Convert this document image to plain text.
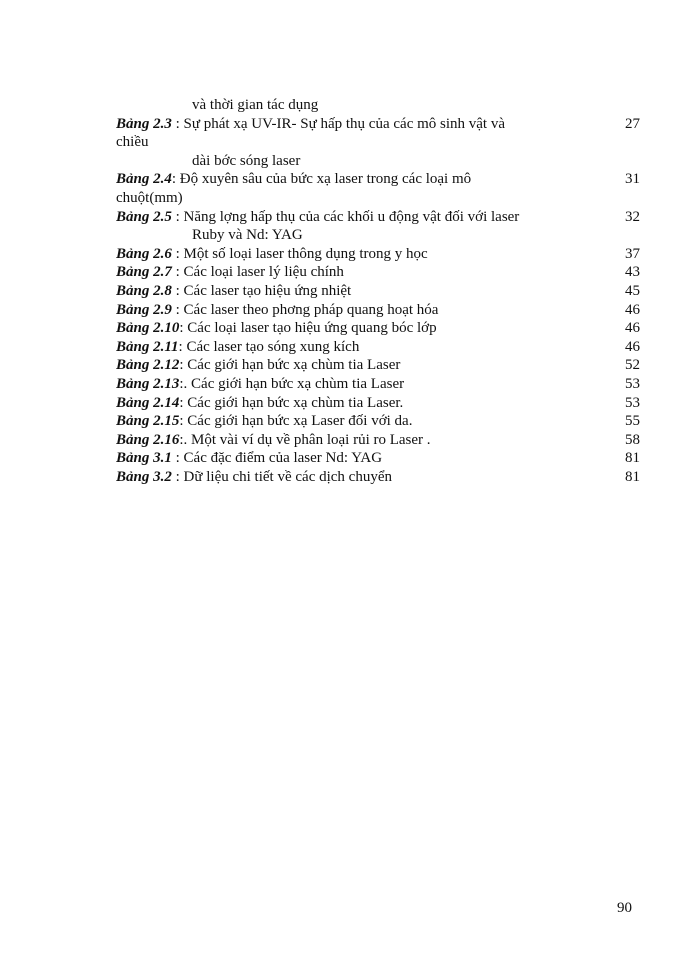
và thời gian tác dụng
Bảng 2.3 : Sự phát xạ UV-IR- Sự hấp thụ của các mô sinh vật và	27
chiều
dài bớc sóng laser
Bảng 2.4: Độ xuyên sâu của bức xạ laser trong các loại mô	31
chuột(mm)
Bảng 2.5 : Năng lợng hấp thụ của các khối u động vật đối với laser	32
Ruby và Nd: YAG
Bảng 2.6 : Một số loại laser thông dụng trong y học	37
Bảng 2.7 : Các loại laser lý liệu chính	43
Bảng 2.8 : Các laser tạo hiệu ứng nhiệt	45
Bảng 2.9 : Các laser theo phơng pháp quang hoạt hóa	46
Bảng 2.10: Các loại laser tạo hiệu ứng quang bóc lớp	46
Bảng 2.11: Các laser tạo sóng xung kích	46
Bảng 2.12: Các giới hạn bức xạ chùm tia Laser	52
Bảng 2.13:. Các giới hạn bức xạ chùm tia Laser	53
Bảng 2.14: Các giới hạn bức xạ chùm tia Laser.	53
Bảng 2.15: Các giới hạn bức xạ Laser đối với da.	55
Bảng 2.16:. Một vài ví dụ về phân loại rủi ro Laser .	58
Bảng 3.1 : Các đặc điểm của laser Nd: YAG	81
Bảng 3.2 : Dữ liệu chi tiết về các dịch chuyển	81
90
